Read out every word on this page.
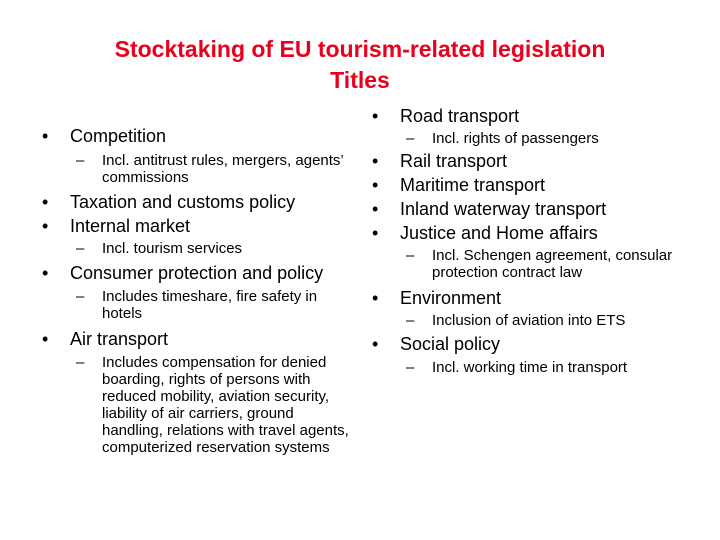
Stocktaking of EU tourism-related legislation
Titles
• Competition
– Incl. antitrust rules, mergers, agents’ commissions
• Taxation and customs policy
• Internal market
– Incl. tourism services
• Consumer protection and policy
– Includes timeshare, fire safety in hotels
• Air transport
– Includes compensation for denied boarding, rights of persons with reduced mobility, aviation security, liability of air carriers, ground handling, relations with travel agents, computerized reservation systems
• Road transport
– Incl. rights of passengers
• Rail transport
• Maritime transport
• Inland waterway transport
• Justice and Home affairs
– Incl. Schengen agreement, consular protection contract law
• Environment
– Inclusion of aviation into ETS
• Social policy
– Incl. working time in transport
